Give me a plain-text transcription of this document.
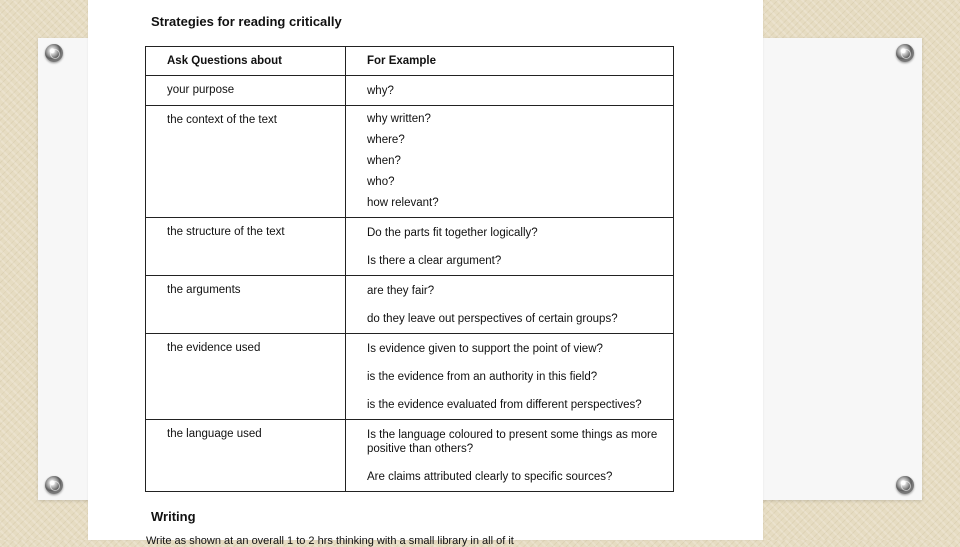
Strategies for reading critically
Ask Questions about	For Example
your purpose	why?

the context of the text	why written?
where?
when?
who?
how relevant?

the structure of the text	Do the parts fit together logically?
Is there a clear argument?

the arguments	are they fair?
do they leave out perspectives of certain groups?

the evidence used	Is evidence given to support the point of view?
is the evidence from an authority in this field?
is the evidence evaluated from different perspectives?

the language used	Is the language coloured to present some things as more positive than others?
Are claims attributed clearly to specific sources?
Writing
Write as shown at an overall 1 to 2 hrs thinking with a small library in all of it
